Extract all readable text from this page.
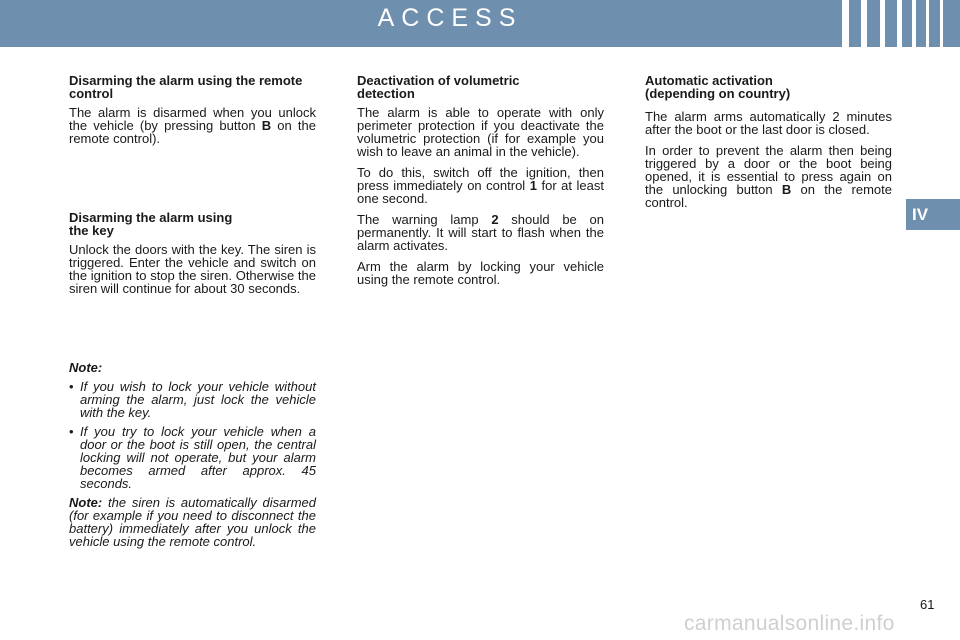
ACCESS
IV
Disarming the alarm using the remote control

The alarm is disarmed when you unlock the vehicle (by pressing button B on the remote control).

Disarming the alarm using
the key

Unlock the doors with the key. The siren is triggered. Enter the vehicle and switch on the ignition to stop the siren. Otherwise the siren will continue for about 30 seconds.

Note:
• If you wish to lock your vehicle without arming the alarm, just lock the vehicle with the key.
• If you try to lock your vehicle when a door or the boot is still open, the central locking will not operate, but your alarm becomes armed after approx. 45 seconds.

Note: the siren is automatically disarmed (for example if you need to disconnect the battery) immediately after you unlock the vehicle using the remote control.

Deactivation of volumetric
detection

The alarm is able to operate with only perimeter protection if you deactivate the volumetric protection (if for example you wish to leave an animal in the vehicle).

To do this, switch off the ignition, then press immediately on control 1 for at least one second.

The warning lamp 2 should be on permanently. It will start to flash when the alarm activates.

Arm the alarm by locking your vehicle using the remote control.

Automatic activation
(depending on country)

The alarm arms automatically 2 minutes after the boot or the last door is closed.

In order to prevent the alarm then being triggered by a door or the boot being opened, it is essential to press again on the unlocking button B on the remote control.

61
carmanualsonline.info
